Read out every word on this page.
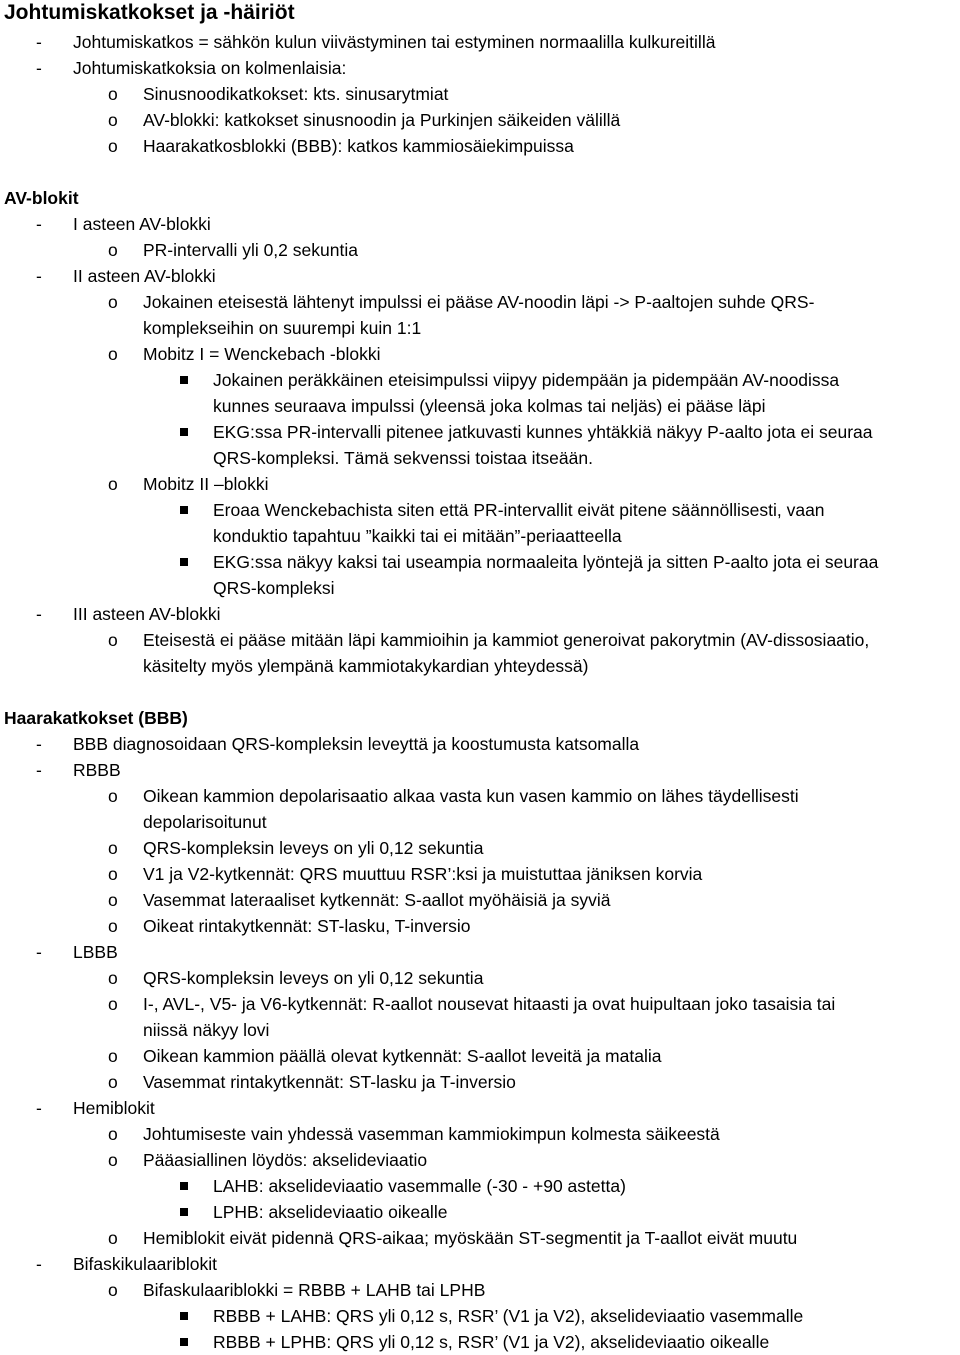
Johtumiskatkokset ja -häiriöt
- Johtumiskatkos = sähkön kulun viivästyminen tai estyminen normaalilla kulkureitillä
- Johtumiskatkoksia on kolmenlaisia:
o Sinusnoodikatkokset: kts. sinusarytmiat
o AV-blokki: katkokset sinusnoodin ja Purkinjen säikeiden välillä
o Haarakatkosblokki (BBB): katkos kammiosäiekimpuissa
AV-blokit
- I asteen AV-blokki
o PR-intervalli yli 0,2 sekuntia
- II asteen AV-blokki
o Jokainen eteisestä lähtenyt impulssi ei pääse AV-noodin läpi -> P-aaltojen suhde QRS-
komplekseihin on suurempi kuin 1:1
o Mobitz I = Wenckebach -blokki
Jokainen peräkkäinen eteisimpulssi viipyy pidempään ja pidempään AV-noodissa
kunnes seuraava impulssi (yleensä joka kolmas tai neljäs) ei pääse läpi
EKG:ssa PR-intervalli pitenee jatkuvasti kunnes yhtäkkiä näkyy P-aalto jota ei seuraa
QRS-kompleksi. Tämä sekvenssi toistaa itseään.
o Mobitz II –blokki
Eroaa Wenckebachista siten että PR-intervallit eivät pitene säännöllisesti, vaan
konduktio tapahtuu ”kaikki tai ei mitään”-periaatteella
EKG:ssa näkyy kaksi tai useampia normaaleita lyöntejä ja sitten P-aalto jota ei seuraa
QRS-kompleksi
- III asteen AV-blokki
o Eteisestä ei pääse mitään läpi kammioihin ja kammiot generoivat pakorytmin (AV-dissosiaatio,
käsitelty myös ylempänä kammiotakykardian yhteydessä)
Haarakatkokset (BBB)
- BBB diagnosoidaan QRS-kompleksin leveyttä ja koostumusta katsomalla
- RBBB
o Oikean kammion depolarisaatio alkaa vasta kun vasen kammio on lähes täydellisesti
depolarisoitunut
o QRS-kompleksin leveys on yli 0,12 sekuntia
o V1 ja V2-kytkennät: QRS muuttuu RSR’:ksi ja muistuttaa jäniksen korvia
o Vasemmat lateraaliset kytkennät: S-aallot myöhäisiä ja syviä
o Oikeat rintakytkennät: ST-lasku, T-inversio
- LBBB
o QRS-kompleksin leveys on yli 0,12 sekuntia
o I-, AVL-, V5- ja V6-kytkennät: R-aallot nousevat hitaasti ja ovat huipultaan joko tasaisia tai
niissä näkyy lovi
o Oikean kammion päällä olevat kytkennät: S-aallot leveitä ja matalia
o Vasemmat rintakytkennät: ST-lasku ja T-inversio
- Hemiblokit
o Johtumiseste vain yhdessä vasemman kammiokimpun kolmesta säikeestä
o Pääasiallinen löydös: akselideviaatio
LAHB: akselideviaatio vasemmalle (-30 - +90 astetta)
LPHB: akselideviaatio oikealle
o Hemiblokit eivät pidennä QRS-aikaa; myöskään ST-segmentit ja T-aallot eivät muutu
- Bifaskikulaariblokit
o Bifaskulaariblokki = RBBB + LAHB tai LPHB
RBBB + LAHB: QRS yli 0,12 s, RSR’ (V1 ja V2), akselideviaatio vasemmalle
RBBB + LPHB: QRS yli 0,12 s, RSR’ (V1 ja V2), akselideviaatio oikealle
